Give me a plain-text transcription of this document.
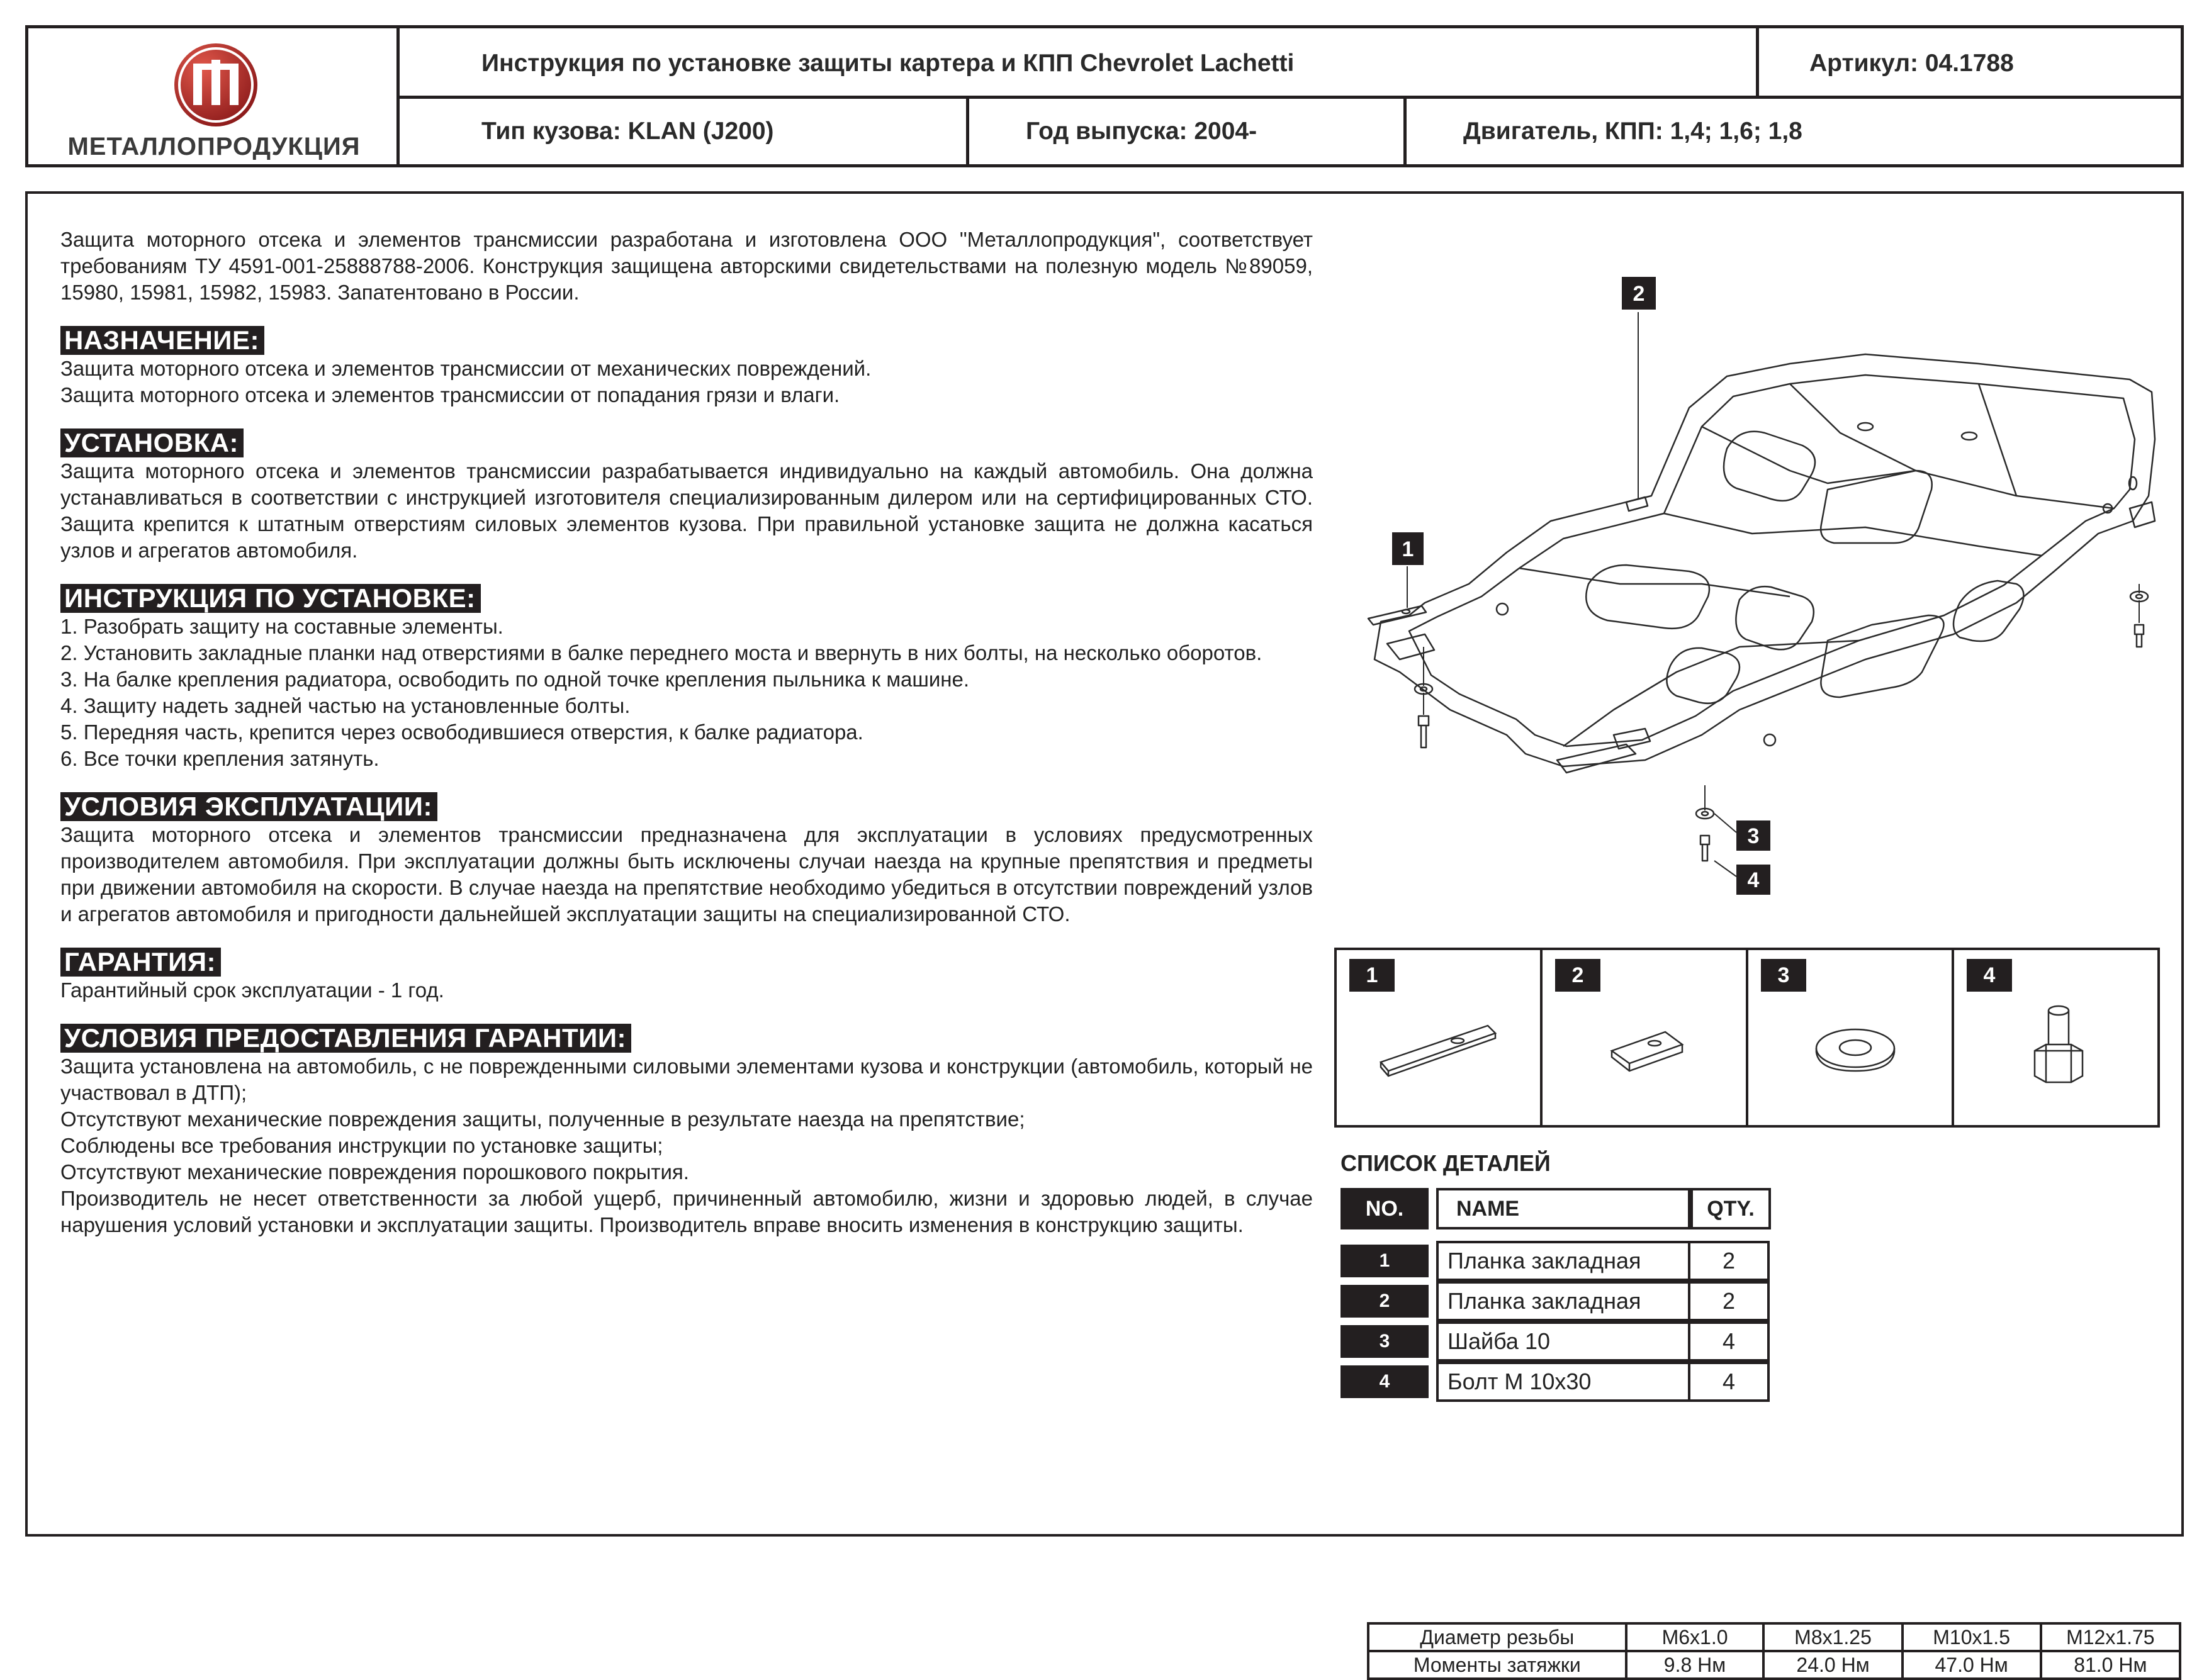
МЕТАЛЛОПРОДУКЦИЯ
Инструкция по установке защиты картера и КПП Chevrolet Lachetti	Артикул: 04.1788
Тип кузова: KLAN (J200)	Год выпуска: 2004-	Двигатель, КПП: 1,4; 1,6; 1,8
Защита моторного отсека и элементов трансмиссии разработана и изготовлена ООО "Металлопродукция", соответствует требованиям ТУ 4591-001-25888788-2006. Конструкция защищена авторскими свидетельствами на полезную модель №89059, 15980, 15981, 15982, 15983. Запатентовано в России.
НАЗНАЧЕНИЕ:
Защита моторного отсека и элементов трансмиссии от механических повреждений.
Защита моторного отсека и элементов трансмиссии от попадания грязи и влаги.
УСТАНОВКА:
Защита моторного отсека и элементов трансмиссии разрабатывается индивидуально на каждый автомобиль. Она должна устанавливаться в соответствии с инструкцией изготовителя специализированным дилером или на сертифицированных СТО. Защита крепится к штатным отверстиям силовых элементов кузова. При правильной установке защита не должна касаться узлов и агрегатов автомобиля.
ИНСТРУКЦИЯ ПО УСТАНОВКЕ:
1. Разобрать защиту на составные элементы.
2. Установить закладные планки над отверстиями в балке переднего моста и ввернуть в них болты, на несколько оборотов.
3. На балке крепления радиатора, освободить по одной точке крепления пыльника к машине.
4. Защиту надеть задней частью на установленные болты.
5. Передняя часть, крепится через освободившиеся отверстия, к балке радиатора.
6. Все точки крепления затянуть.
УСЛОВИЯ ЭКСПЛУАТАЦИИ:
Защита моторного отсека и элементов трансмиссии предназначена для эксплуатации в условиях предусмотренных производителем автомобиля. При эксплуатации должны быть исключены случаи наезда на крупные препятствия и предметы при движении автомобиля на скорости. В случае наезда на препятствие необходимо убедиться в отсутствии повреждений узлов и агрегатов автомобиля и пригодности дальнейшей эксплуатации защиты на специализированной СТО.
ГАРАНТИЯ:
Гарантийный срок эксплуатации - 1 год.
УСЛОВИЯ ПРЕДОСТАВЛЕНИЯ ГАРАНТИИ:
Защита установлена на автомобиль, с не поврежденными силовыми элементами кузова и конструкции (автомобиль, который не участвовал в ДТП);
Отсутствуют механические повреждения защиты, полученные в результате наезда на препятствие;
Соблюдены все требования инструкции по установке защиты;
Отсутствуют механические повреждения порошкового покрытия.
Производитель не несет ответственности за любой ущерб, причиненный автомобилю, жизни и здоровью людей, в случае нарушения условий установки и эксплуатации защиты. Производитель вправе вносить изменения в конструкцию защиты.
1
2
3
4
1	2	3	4
СПИСОК ДЕТАЛЕЙ
NO.	NAME	QTY.
1	Планка закладная	2
2	Планка закладная	2
3	Шайба 10	4
4	Болт М 10х30	4
Диаметр резьбы	M6x1.0	M8x1.25	M10x1.5	M12x1.75
Моменты затяжки	9.8 Нм	24.0 Нм	47.0 Нм	81.0 Нм
